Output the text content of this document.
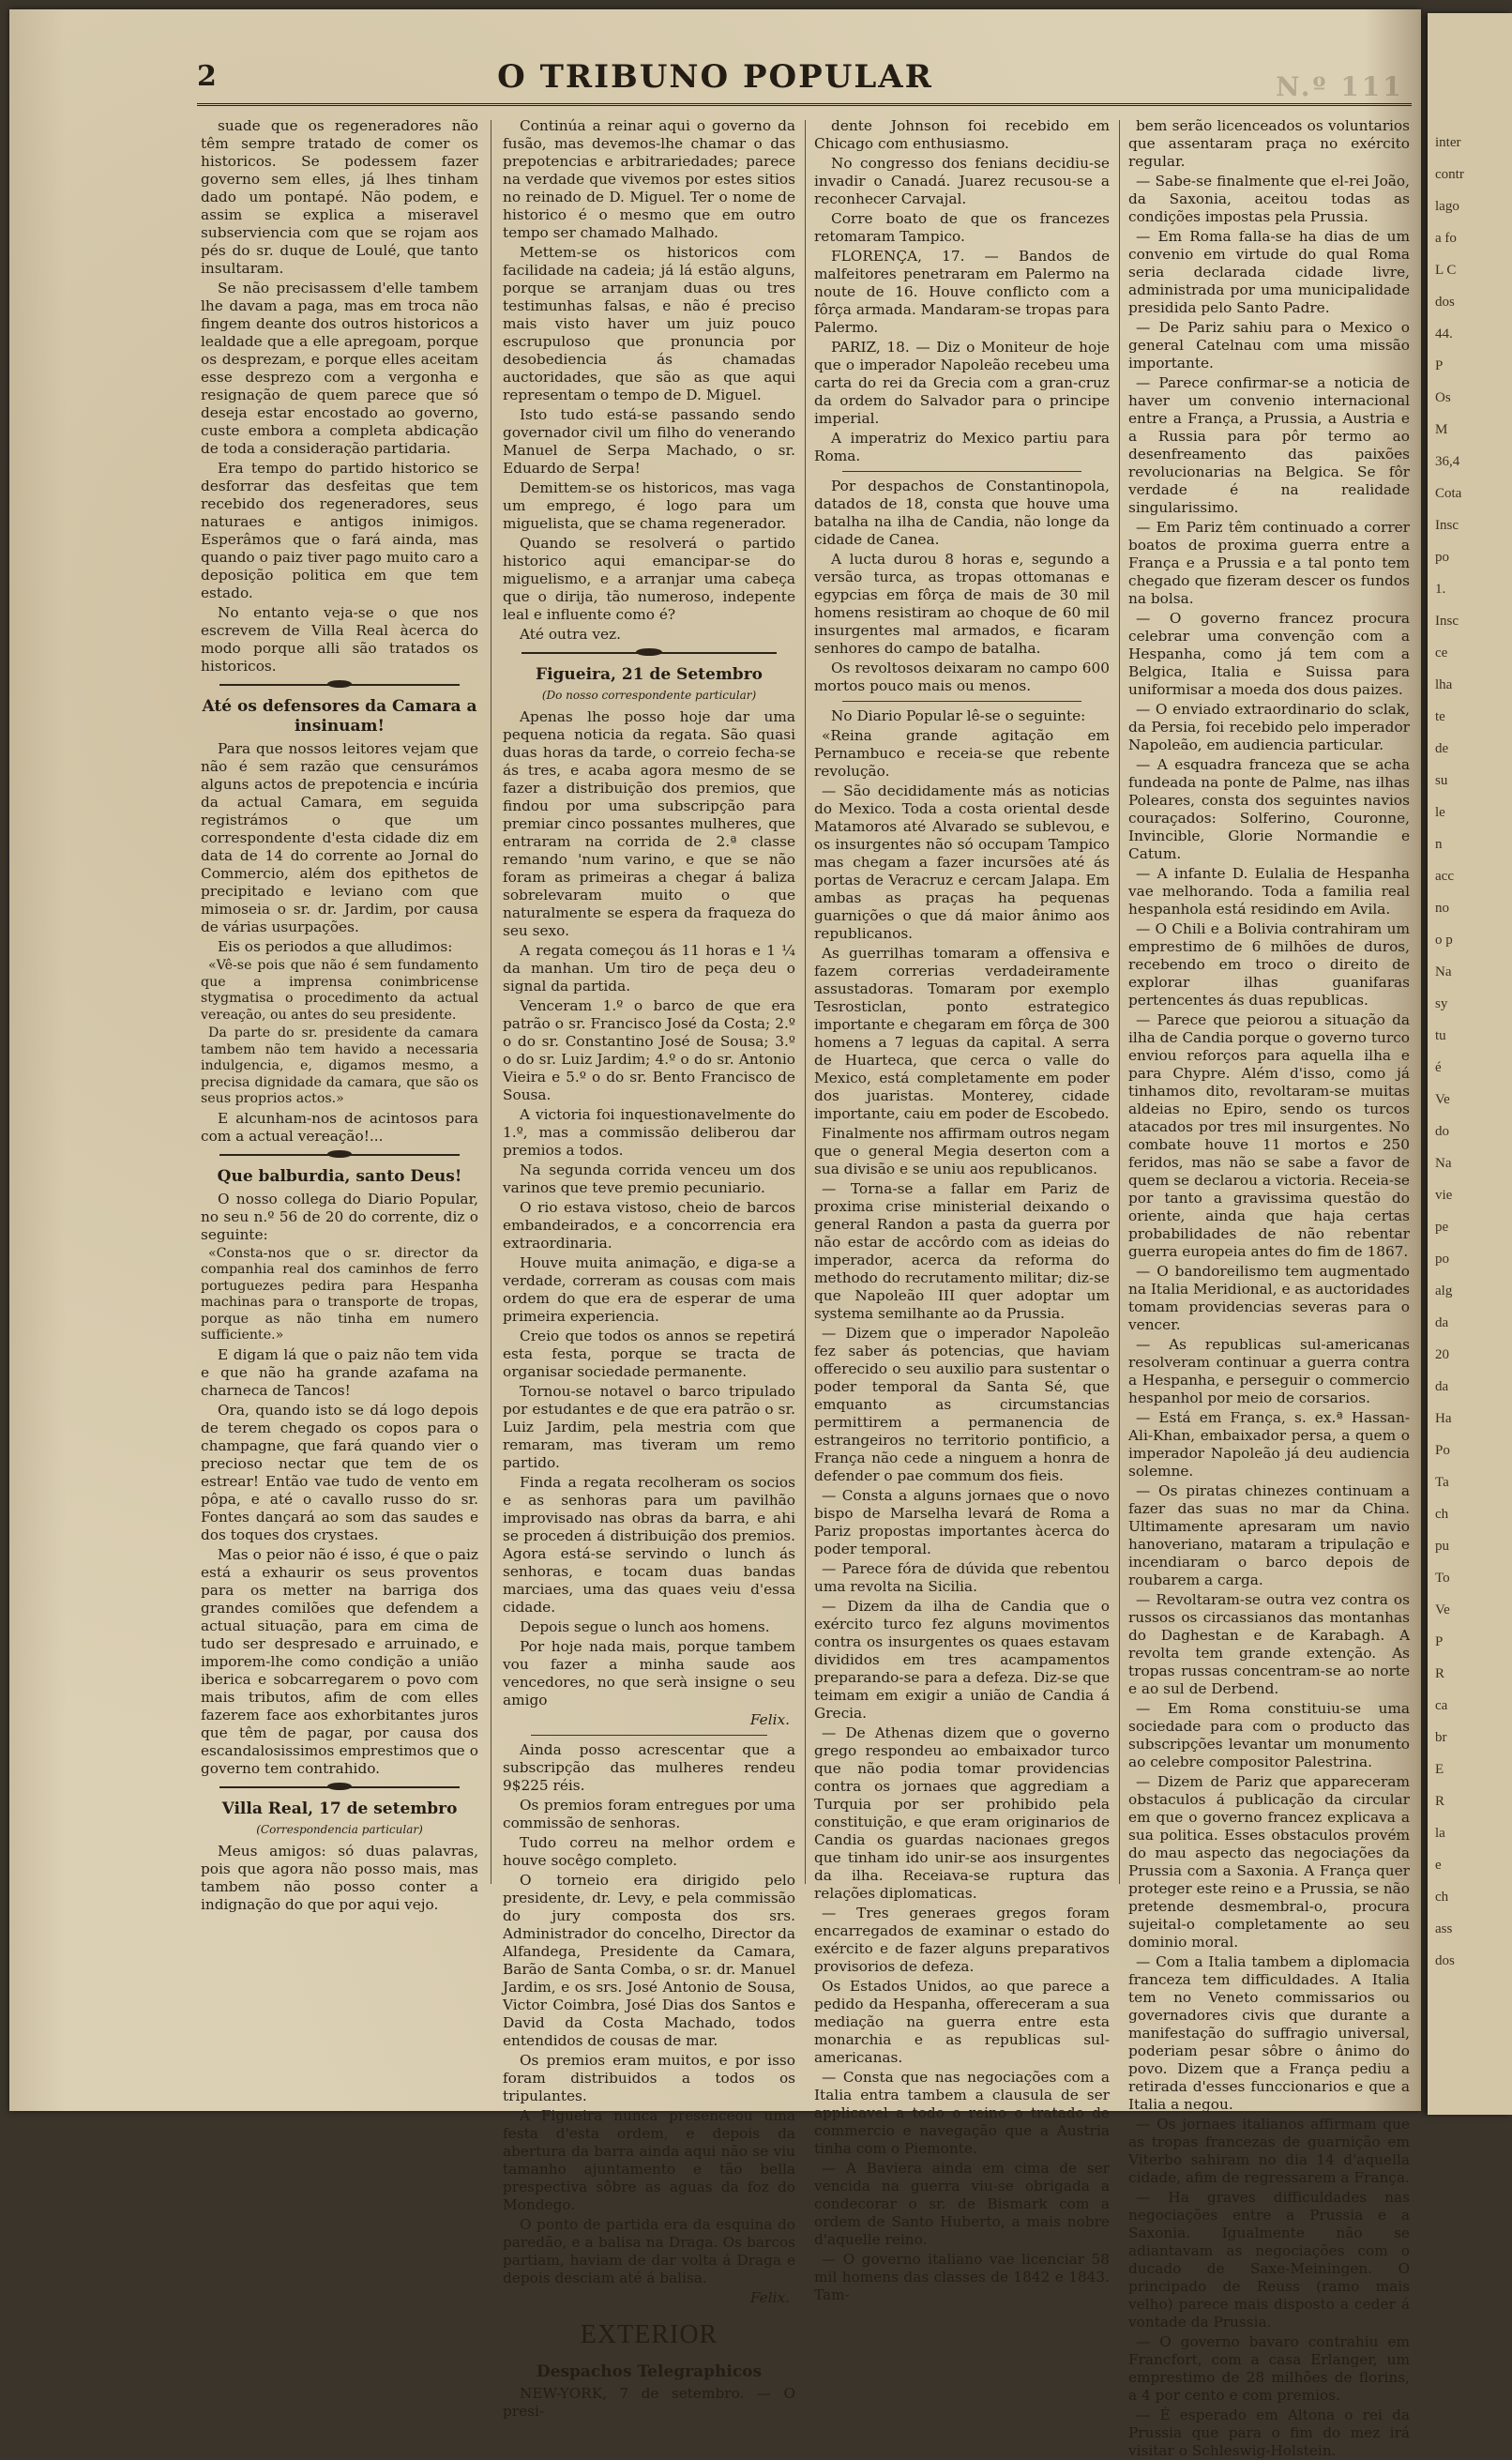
2	O TRIBUNO POPULAR	N.º 111

suade que os regeneradores não têm sempre tratado de comer os historicos. Se podessem fazer governo sem elles, já lhes tinham dado um pontapé. Não podem, e assim se explica a miseravel subserviencia com que se rojam aos pés do sr. duque de Loulé, que tanto insultaram.

Se não precisassem d'elle tambem lhe davam a paga, mas em troca não fingem deante dos outros historicos a lealdade que a elle apregoam, porque os desprezam, e porque elles aceitam esse desprezo com a vergonha e resignação de quem parece que só deseja estar encostado ao governo, custe embora a completa abdicação de toda a consideração partidaria.

Era tempo do partido historico se desforrar das desfeitas que tem recebido dos regeneradores, seus naturaes e antigos inimigos. Esperâmos que o fará ainda, mas quando o paiz tiver pago muito caro a deposição politica em que tem estado.

No entanto veja-se o que nos escrevem de Villa Real àcerca do modo porque alli são tratados os historicos.

Até os defensores da Camara a insinuam!

Para que nossos leitores vejam que não é sem razão que censurámos alguns actos de prepotencia e incúria da actual Camara, em seguida registrámos o que um correspondente d'esta cidade diz em data de 14 do corrente ao Jornal do Commercio, além dos epithetos de precipitado e leviano com que mimoseia o sr. dr. Jardim, por causa de várias usurpações.

Eis os periodos a que alludimos:

«Vê-se pois que não é sem fundamento que a imprensa conimbricense stygmatisa o procedimento da actual vereação, ou antes do seu presidente.

Da parte do sr. presidente da camara tambem não tem havido a necessaria indulgencia, e, digamos mesmo, a precisa dignidade da camara, que são os seus proprios actos.»

E alcunham-nos de acintosos para com a actual vereação!...

Que balburdia, santo Deus!

O nosso collega do Diario Popular, no seu n.º 56 de 20 do corrente, diz o seguinte:

«Consta-nos que o sr. director da companhia real dos caminhos de ferro portuguezes pedira para Hespanha machinas para o transporte de tropas, porque as não tinha em numero sufficiente.»

E digam lá que o paiz não tem vida e que não ha grande azafama na charneca de Tancos!

Ora, quando isto se dá logo depois de terem chegado os copos para o champagne, que fará quando vier o precioso nectar que tem de os estrear! Então vae tudo de vento em pôpa, e até o cavallo russo do sr. Fontes dançará ao som das saudes e dos toques dos crystaes.

Mas o peior não é isso, é que o paiz está a exhaurir os seus proventos para os metter na barriga dos grandes comilões que defendem a actual situação, para em cima de tudo ser despresado e arruinado, e imporem-lhe como condição a união iberica e sobcarregarem o povo com mais tributos, afim de com elles fazerem face aos exhorbitantes juros que têm de pagar, por causa dos escandalosissimos emprestimos que o governo tem contrahido.

Villa Real, 17 de setembro
(Correspondencia particular)

Meus amigos: só duas palavras, pois que agora não posso mais, mas tambem não posso conter a indignação do que por aqui vejo.

Continúa a reinar aqui o governo da fusão, mas devemos-lhe chamar o das prepotencias e arbitrariedades; parece na verdade que vivemos por estes sitios no reinado de D. Miguel. Ter o nome de historico é o mesmo que em outro tempo ser chamado Malhado.

Mettem-se os historicos com facilidade na cadeia; já lá estão alguns, porque se arranjam duas ou tres testimunhas falsas, e não é preciso mais visto haver um juiz pouco escrupuloso que pronuncia por desobediencia ás chamadas auctoridades, que são as que aqui representam o tempo de D. Miguel.

Isto tudo está-se passando sendo governador civil um filho do venerando Manuel de Serpa Machado, o sr. Eduardo de Serpa!

Demittem-se os historicos, mas vaga um emprego, é logo para um miguelista, que se chama regenerador.

Quando se resolverá o partido historico aqui emancipar-se do miguelismo, e a arranjar uma cabeça que o dirija, tão numeroso, indepente leal e influente como é?

Até outra vez.

Figueira, 21 de Setembro
(Do nosso correspondente particular)

Apenas lhe posso hoje dar uma pequena noticia da regata. São quasi duas horas da tarde, o correio fecha-se ás tres, e acaba agora mesmo de se fazer a distribuição dos premios, que findou por uma subscripção para premiar cinco possantes mulheres, que entraram na corrida de 2.ª classe remando 'num varino, e que se não foram as primeiras a chegar á baliza sobrelevaram muito o que naturalmente se espera da fraqueza do seu sexo.

A regata começou ás 11 horas e 1 ¼ da manhan. Um tiro de peça deu o signal da partida.

Venceram 1.º o barco de que era patrão o sr. Francisco José da Costa; 2.º o do sr. Constantino José de Sousa; 3.º o do sr. Luiz Jardim; 4.º o do sr. Antonio Vieira e 5.º o do sr. Bento Francisco de Sousa.

A victoria foi inquestionavelmente do 1.º, mas a commissão deliberou dar premios a todos.

Na segunda corrida venceu um dos varinos que teve premio pecuniario.

O rio estava vistoso, cheio de barcos embandeirados, e a concorrencia era extraordinaria.

Houve muita animação, e diga-se a verdade, correram as cousas com mais ordem do que era de esperar de uma primeira experiencia.

Creio que todos os annos se repetirá esta festa, porque se tracta de organisar sociedade permanente.

Tornou-se notavel o barco tripulado por estudantes e de que era patrão o sr. Luiz Jardim, pela mestria com que remaram, mas tiveram um remo partido.

Finda a regata recolheram os socios e as senhoras para um pavilhão improvisado nas obras da barra, e ahi se proceden á distribuição dos premios. Agora está-se servindo o lunch ás senhoras, e tocam duas bandas marciaes, uma das quaes veiu d'essa cidade.

Depois segue o lunch aos homens.

Por hoje nada mais, porque tambem vou fazer a minha saude aos vencedores, no que serà insigne o seu amigo

Felix.

Ainda posso acrescentar que a subscripção das mulheres rendeu 9$225 réis.

Os premios foram entregues por uma commissão de senhoras.

Tudo correu na melhor ordem e houve socêgo completo.

O torneio era dirigido pelo presidente, dr. Levy, e pela commissão do jury composta dos srs. Administrador do concelho, Director da Alfandega, Presidente da Camara, Barão de Santa Comba, o sr. dr. Manuel Jardim, e os srs. José Antonio de Sousa, Victor Coimbra, José Dias dos Santos e David da Costa Machado, todos entendidos de cousas de mar.

Os premios eram muitos, e por isso foram distribuidos a todos os tripulantes.

A Figueira nunca presenceou uma festa d'esta ordem, e depois da abertura da barra ainda aqui não se viu tamanho ajuntamento e tão bella prespectiva sôbre as aguas da foz do Mondego.

O ponto de partida era da esquina do paredão, e a balisa na Draga. Os barcos partiam, haviam de dar volta á Draga e depois desciam até á balisa.

Felix.
EXTERIOR
Despachos Telegraphicos

NEW-YORK, 7 de setembro. — O presi-

dente Johnson foi recebido em Chicago com enthusiasmo.

No congresso dos fenians decidiu-se invadir o Canadá. Juarez recusou-se a reconhecer Carvajal.

Corre boato de que os francezes retomaram Tampico.

FLORENÇA, 17. — Bandos de malfeitores penetraram em Palermo na noute de 16. Houve conflicto com a fôrça armada. Mandaram-se tropas para Palermo.

PARIZ, 18. — Diz o Moniteur de hoje que o imperador Napoleão recebeu uma carta do rei da Grecia com a gran-cruz da ordem do Salvador para o principe imperial.

A imperatriz do Mexico partiu para Roma.

Por despachos de Constantinopola, datados de 18, consta que houve uma batalha na ilha de Candia, não longe da cidade de Canea.

A lucta durou 8 horas e, segundo a versão turca, as tropas ottomanas e egypcias em fôrça de mais de 30 mil homens resistiram ao choque de 60 mil insurgentes mal armados, e ficaram senhores do campo de batalha.

Os revoltosos deixaram no campo 600 mortos pouco mais ou menos.

No Diario Popular lê-se o seguinte:

«Reina grande agitação em Pernambuco e receia-se que rebente revolução.

— São decididamente más as noticias do Mexico. Toda a costa oriental desde Matamoros até Alvarado se sublevou, e os insurgentes não só occupam Tampico mas chegam a fazer incursões até ás portas de Veracruz e cercam Jalapa. Em ambas as praças ha pequenas guarnições o que dá maior ânimo aos republicanos.

As guerrilhas tomaram a offensiva e fazem correrias verdadeiramente assustadoras. Tomaram por exemplo Tesrosticlan, ponto estrategico importante e chegaram em fôrça de 300 homens a 7 leguas da capital. A serra de Huarteca, que cerca o valle do Mexico, está completamente em poder dos juaristas. Monterey, cidade importante, caiu em poder de Escobedo.

Finalmente nos affirmam outros negam que o general Megia deserton com a sua divisão e se uniu aos republicanos.

— Torna-se a fallar em Pariz de proxima crise ministerial deixando o general Randon a pasta da guerra por não estar de accôrdo com as ideias do imperador, acerca da reforma do methodo do recrutamento militar; diz-se que Napoleão III quer adoptar um systema semilhante ao da Prussia.

— Dizem que o imperador Napoleão fez saber ás potencias, que haviam offerecido o seu auxilio para sustentar o poder temporal da Santa Sé, que emquanto as circumstancias permittirem a permanencia de estrangeiros no territorio pontificio, a França não cede a ninguem a honra de defender o pae commum dos fieis.

— Consta a alguns jornaes que o novo bispo de Marselha levará de Roma a Pariz propostas importantes àcerca do poder temporal.

— Parece fóra de dúvida que rebentou uma revolta na Sicilia.

— Dizem da ilha de Candia que o exército turco fez alguns movimentos contra os insurgentes os quaes estavam divididos em tres acampamentos preparando-se para a defeza. Diz-se que teimam em exigir a união de Candia á Grecia.

— De Athenas dizem que o governo grego respondeu ao embaixador turco que não podia tomar providencias contra os jornaes que aggrediam a Turquia por ser prohibido pela constituição, e que eram originarios de Candia os guardas nacionaes gregos que tinham ido unir-se aos insurgentes da ilha. Receiava-se ruptura das relações diplomaticas.

— Tres generaes gregos foram encarregados de examinar o estado do exército e de fazer alguns preparativos provisorios de defeza.

Os Estados Unidos, ao que parece a pedido da Hespanha, offereceram a sua mediação na guerra entre esta monarchia e as republicas sul-americanas.

— Consta que nas negociações com a Italia entra tambem a clausula de ser applicavel a todo o reino o tratado de commercio e navegação que a Austria tinha com o Piemonte.

— A Baviera ainda em cima de ser vencida na guerra viu-se obrigada a condecorar o sr. de Bismark com a ordem de Santo Huberto, a mais nobre d'aquelle reino.

— O governo italiano vae licenciar 58 mil homens das classes de 1842 e 1843. Tam-

bem serão licenceados os voluntarios que assentaram praça no exército regular.

— Sabe-se finalmente que el-rei João, da Saxonia, aceitou todas as condições impostas pela Prussia.

— Em Roma falla-se ha dias de um convenio em virtude do qual Roma seria declarada cidade livre, administrada por uma municipalidade presidida pelo Santo Padre.

— De Pariz sahiu para o Mexico o general Catelnau com uma missão importante.

— Parece confirmar-se a noticia de haver um convenio internacional entre a França, a Prussia, a Austria e a Russia para pôr termo ao desenfreamento das paixões revolucionarias na Belgica. Se fôr verdade é na realidade singularissimo.

— Em Pariz têm continuado a correr boatos de proxima guerra entre a França e a Prussia e a tal ponto tem chegado que fizeram descer os fundos na bolsa.

— O governo francez procura celebrar uma convenção com a Hespanha, como já tem com a Belgica, Italia e Suissa para uniformisar a moeda dos dous paizes.

— O enviado extraordinario do sclak, da Persia, foi recebido pelo imperador Napoleão, em audiencia particular.

— A esquadra franceza que se acha fundeada na ponte de Palme, nas ilhas Poleares, consta dos seguintes navios couraçados: Solferino, Couronne, Invincible, Glorie Normandie e Catum.

— A infante D. Eulalia de Hespanha vae melhorando. Toda a familia real hespanhola está residindo em Avila.

— O Chili e a Bolivia contrahiram um emprestimo de 6 milhões de duros, recebendo em troco o direito de explorar ilhas guanifaras pertencentes ás duas republicas.

— Parece que peiorou a situação da ilha de Candia porque o governo turco enviou reforços para aquella ilha e para Chypre. Além d'isso, como já tinhamos dito, revoltaram-se muitas aldeias no Epiro, sendo os turcos atacados por tres mil insurgentes. No combate houve 11 mortos e 250 feridos, mas não se sabe a favor de quem se declarou a victoria. Receia-se por tanto a gravissima questão do oriente, ainda que haja certas probabilidades de não rebentar guerra europeia antes do fim de 1867.

— O bandoreilismo tem augmentado na Italia Meridional, e as auctoridades tomam providencias severas para o vencer.

— As republicas sul-americanas resolveram continuar a guerra contra a Hespanha, e perseguir o commercio hespanhol por meio de corsarios.

— Está em França, s. ex.ª Hassan-Ali-Khan, embaixador persa, a quem o imperador Napoleão já deu audiencia solemne.

— Os piratas chinezes continuam a fazer das suas no mar da China. Ultimamente apresaram um navio hanoveriano, mataram a tripulação e incendiaram o barco depois de roubarem a carga.

— Revoltaram-se outra vez contra os russos os circassianos das montanhas do Daghestan e de Karabagh. A revolta tem grande extenção. As tropas russas concentram-se ao norte e ao sul de Derbend.

— Em Roma constituiu-se uma sociedade para com o producto das subscripções levantar um monumento ao celebre compositor Palestrina.

— Dizem de Pariz que appareceram obstaculos á publicação da circular em que o governo francez explicava a sua politica. Esses obstaculos provém do mau aspecto das negociações da Prussia com a Saxonia. A França quer proteger este reino e a Prussia, se não pretende desmembral-o, procura sujeital-o completamente ao seu dominio moral.

— Com a Italia tambem a diplomacia franceza tem difficuldades. A Italia tem no Veneto commissarios ou governadores civis que durante a manifestação do suffragio universal, poderiam pesar sôbre o ânimo do povo. Dizem que a França pediu a retirada d'esses funccionarios e que a Italia a negou.

— Os jornaes italianos affirmam que as tropas francezas de guarnição em Viterbo sahiram no dia 14 d'aquella cidade, afim de regressarem a França.

— Ha graves difficuldades nas negociações entre a Prussia e a Saxonia. Igualmente não se adiantavam as negociações com o ducado de Saxe-Meiningen. O principado de Reuss (ramo mais velho) parece mais disposto a ceder á vontade da Prussia.

— O governo bavaro contrahiu em Francfort, com a casa Erlanger, um emprestimo de 28 milhões de florins, a 4 por cento e com premios.

— É esperado em Altona o rei da Prussia que para o fim do mez irá visitar o Schleswig-Holstein.

inter
contr
lago
a fo
L C
dos
44.
P
Os
M
36,4
Cota
Insc
po
1.
Insc
ce
lha
te
de
su
le
n
acc
no
o p
Na
sy
tu
é
Ve
do
Na
vie
pe
po
alg
da
20
da
Ha
Po
Ta
ch
pu
To
Ve
P
R
ca
br
E
R
la
e
ch
ass
dos
